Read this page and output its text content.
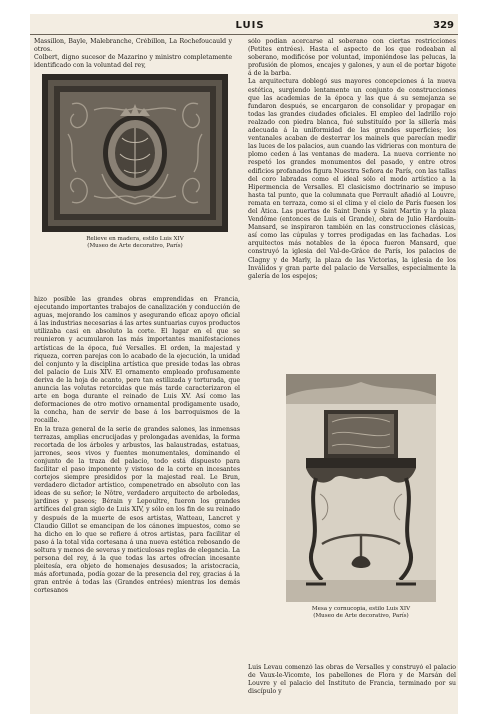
LUIS	329

Massillon, Bayle, Malebranche, Crébillon, La Rochefoucauld y otros.

Colbert, digno sucesor de Mazarino y ministro completamente identificado con la voluntad del rey,

Relieve en madera, estilo Luis XIV
(Museo de Arte decorativo, París)

hizo posible las grandes obras emprendidas en Francia, ejecutando importantes trabajos de canalización y conducción de aguas, mejorando los caminos y asegurando eficaz apoyo oficial á las industrias necesarias á las artes suntuarias cuyos productos utilizaba casi en absoluto la corte. El lugar en el que se reunieron y acumularon las más importantes manifestaciones artísticas de la época, fué Versalles. El orden, la majestad y riqueza, corren parejas con lo acabado de la ejecución, la unidad del conjunto y la disciplina artística que preside todas las obras del palacio de Luis XIV. El ornamento empleado profusamente deriva de la hoja de acanto, pero tan estilizada y torturada, que anuncia las volutas retorcidas que más tarde caracterizaron el arte en boga durante el reinado de Luis XV. Así como las deformaciones de otro motivo ornamental prodigamente usado, la concha, han de servir de base á los barroquismos de la rocaille.

En la traza general de la serie de grandes salones, las inmensas terrazas, amplias encrucijadas y prolongadas avenidas, la forma recortada de los árboles y arbustos, las balaustradas, estatuas, jarrones, seos vivos y fuentes monumentales, dominando el conjunto de la traza del palacio, todo está dispuesto para facilitar el paso imponente y vistoso de la corte en incesantes cortejos siempre presididos por la majestad real. Le Brun, verdadero dictador artístico, compenetrado en absoluto con las ideas de su señor; le Nôtre, verdadero arquitecto de arboledas, jardines y paseos; Bérain y Lepoultre, fueron los grandes artífices del gran siglo de Luis XIV, y sólo en los fin de su reinado y después de la muerte de esos artistas, Watteau, Lancret y Claudio Gillot se emancipan de los cánones impuestos, como se ha dicho en lo que se refiere á otros artistas, para facilitar el paso á la total vida cortesana á una nueva estética rebosando de soltura y menos de severas y meticulosas reglas de elegancia. La persona del rey, á la que todas las artes ofrecían incesante pleitesía, era objeto de homenajes desusados; la aristocracia, más afortunada, podía gozar de la presencia del rey, gracias á la gran entrée á todas las (Grandes entrées) mientras los demás cortesanos

sólo podían acercarse al soberano con ciertas restricciones (Petites entrées). Hasta el aspecto de los que rodeaban al soberano, modificóse por voluntad, imponiéndose las pelucas, la profusión de plomos, encajes y galones, y aun el de portar bigote á de la barba.

La arquitectura doblegó sus mayores concepciones á la nueva estética, surgiendo lentamente un conjunto de construcciones que las academias de la época y las que á su semejanza se fundaron después, se encargaron de consolidar y propagar en todas las grandes ciudades oficiales. El empleo del ladrillo rojo realzado con piedra blanca, fué substituído por la sillería más adecuada á la uniformidad de las grandes superficies; los ventanales acaban de desterrar los mainels que parecían medir las luces de los palacios, aun cuando las vidrieras con montura de plomo ceden á las ventanas de madera. La nueva corriente no respetó los grandes monumentos del pasado, y entre otros edificios profanados figura Nuestra Señora de París, con las tallas del coro labradas como el ideal sólo el modo artístico a la Hipermencia de Versalles. El clasicismo doctrinario se impuso hasta tal punto, que la columnata que Perrault añadió al Louvre, remata en terraza, como si el clima y el cielo de París fuesen los del Ática. Las puertas de Saint Denis y Saint Martin y la plaza Vendôme (entonces de Luis el Grande), obra de Julio Hardouin-Mansard, se inspiraron también en las construcciones clásicas, así como las cúpulas y torres prodigadas en las fachadas. Los arquitectos más notables de la época fueron Mansard, que construyó la iglesia del Val-de-Grâce de París, los palacios de Clagny y de Marly, la plaza de las Victorias, la iglesia de los Inválidos y gran parte del palacio de Versalles, especialmente la galería de los espejos;

Mesa y cornucopia, estilo Luis XIV
(Museo de Arte decorativo, París)

Luis Levau comenzó las obras de Versalles y construyó el palacio de Vaux-le-Vicomte, los pabellones de Flora y de Marsán del Louvre y el palacio del Instituto de Francia, terminado por su discípulo y
